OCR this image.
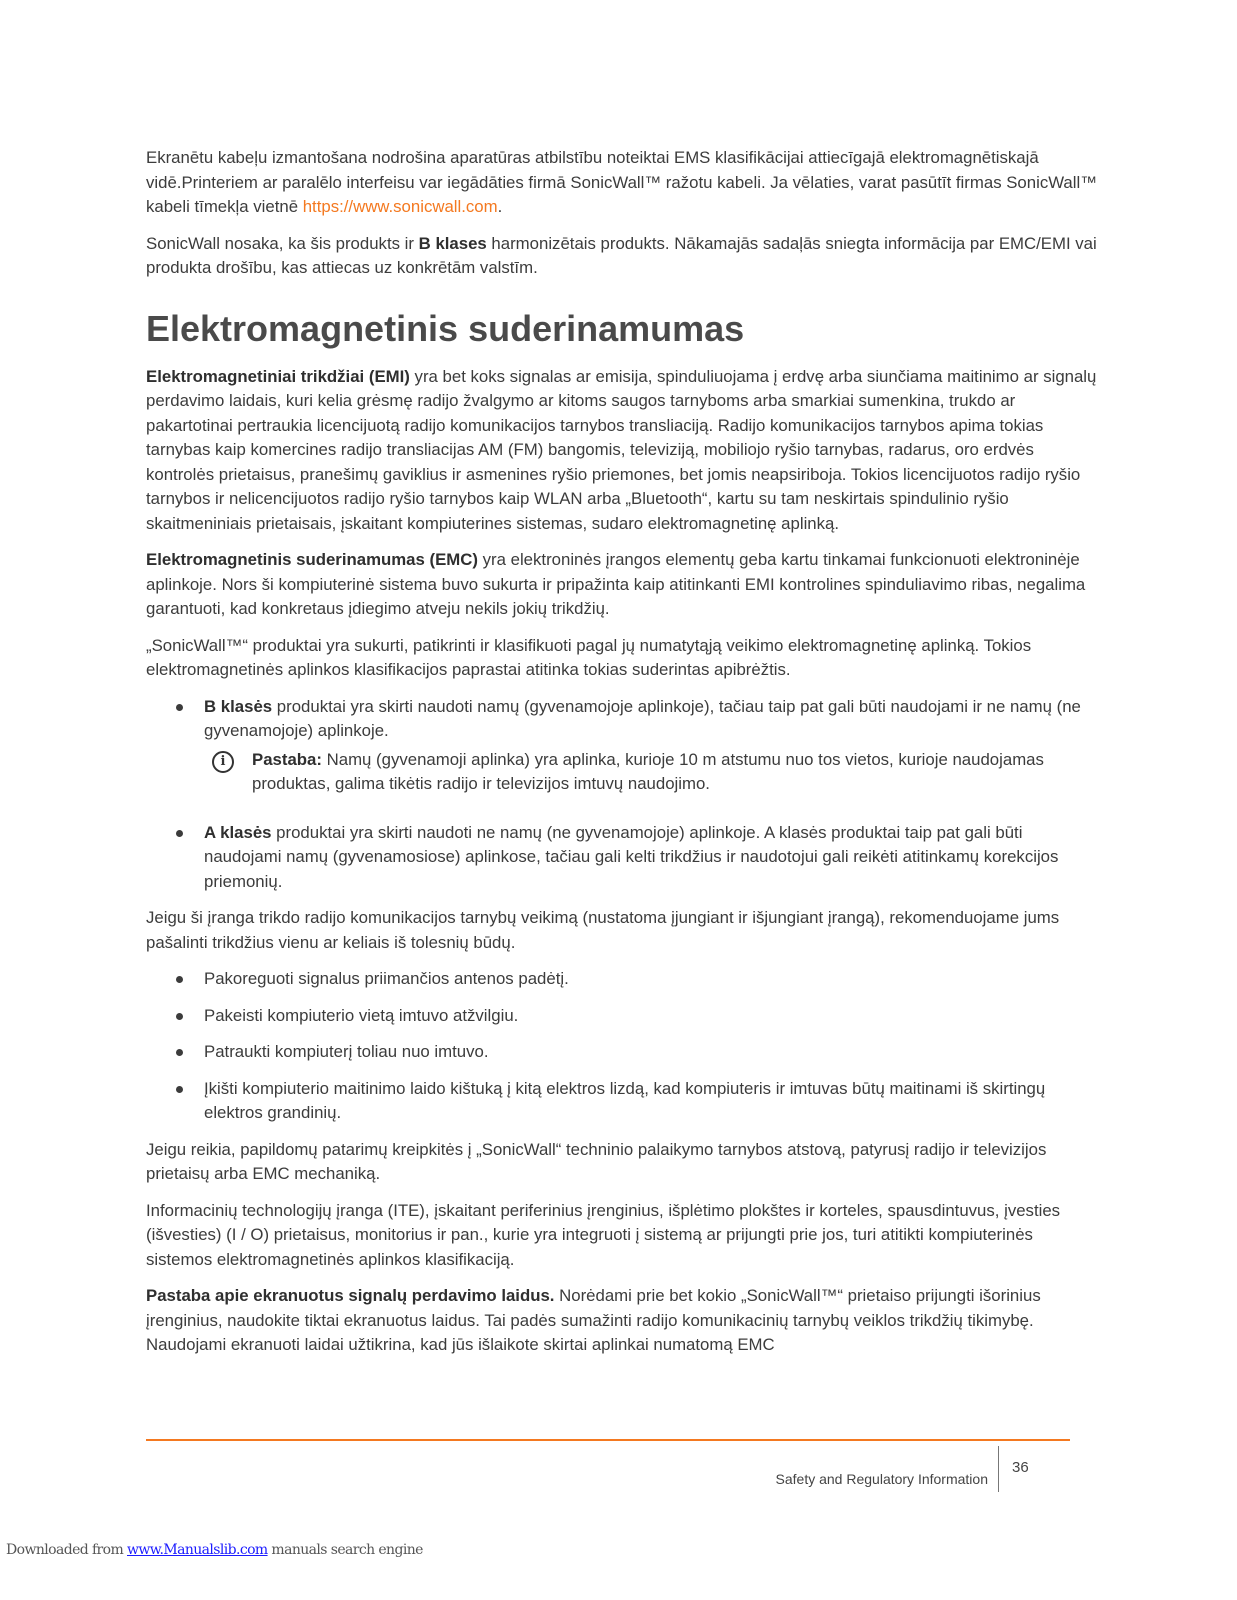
Ekranētu kabeļu izmantošana nodrošina aparatūras atbilstību noteiktai EMS klasifikācijai attiecīgajā elektromagnētiskajā vidē.Printeriem ar paralēlo interfeisu var iegādāties firmā SonicWall™ ražotu kabeli. Ja vēlaties, varat pasūtīt firmas SonicWall™ kabeli tīmekļa vietnē https://www.sonicwall.com.

SonicWall nosaka, ka šis produkts ir B klases harmonizētais produkts. Nākamajās sadaļās sniegta informācija par EMC/EMI vai produkta drošību, kas attiecas uz konkrētām valstīm.

Elektromagnetinis suderinamumas

Elektromagnetiniai trikdžiai (EMI) yra bet koks signalas ar emisija, spinduliuojama į erdvę arba siunčiama maitinimo ar signalų perdavimo laidais, kuri kelia grėsmę radijo žvalgymo ar kitoms saugos tarnyboms arba smarkiai sumenkina, trukdo ar pakartotinai pertraukia licencijuotą radijo komunikacijos tarnybos transliaciją. Radijo komunikacijos tarnybos apima tokias tarnybas kaip komercines radijo transliacijas AM (FM) bangomis, televiziją, mobiliojo ryšio tarnybas, radarus, oro erdvės kontrolės prietaisus, pranešimų gaviklius ir asmenines ryšio priemones, bet jomis neapsiriboja. Tokios licencijuotos radijo ryšio tarnybos ir nelicencijuotos radijo ryšio tarnybos kaip WLAN arba „Bluetooth“, kartu su tam neskirtais spindulinio ryšio skaitmeniniais prietaisais, įskaitant kompiuterines sistemas, sudaro elektromagnetinę aplinką.

Elektromagnetinis suderinamumas (EMC) yra elektroninės įrangos elementų geba kartu tinkamai funkcionuoti elektroninėje aplinkoje. Nors ši kompiuterinė sistema buvo sukurta ir pripažinta kaip atitinkanti EMI kontrolines spinduliavimo ribas, negalima garantuoti, kad konkretaus įdiegimo atveju nekils jokių trikdžių.

„SonicWall™“ produktai yra sukurti, patikrinti ir klasifikuoti pagal jų numatytąją veikimo elektromagnetinę aplinką. Tokios elektromagnetinės aplinkos klasifikacijos paprastai atitinka tokias suderintas apibrėžtis.

B klasės produktai yra skirti naudoti namų (gyvenamojoje aplinkoje), tačiau taip pat gali būti naudojami ir ne namų (ne gyvenamojoje) aplinkoje.
i	Pastaba: Namų (gyvenamoji aplinka) yra aplinka, kurioje 10 m atstumu nuo tos vietos, kurioje naudojamas produktas, galima tikėtis radijo ir televizijos imtuvų naudojimo.
A klasės produktai yra skirti naudoti ne namų (ne gyvenamojoje) aplinkoje. A klasės produktai taip pat gali būti naudojami namų (gyvenamosiose) aplinkose, tačiau gali kelti trikdžius ir naudotojui gali reikėti atitinkamų korekcijos priemonių.

Jeigu ši įranga trikdo radijo komunikacijos tarnybų veikimą (nustatoma įjungiant ir išjungiant įrangą), rekomenduojame jums pašalinti trikdžius vienu ar keliais iš tolesnių būdų.

Pakoreguoti signalus priimančios antenos padėtį.
Pakeisti kompiuterio vietą imtuvo atžvilgiu.
Patraukti kompiuterį toliau nuo imtuvo.
Įkišti kompiuterio maitinimo laido kištuką į kitą elektros lizdą, kad kompiuteris ir imtuvas būtų maitinami iš skirtingų elektros grandinių.

Jeigu reikia, papildomų patarimų kreipkitės į „SonicWall“ techninio palaikymo tarnybos atstovą, patyrusį radijo ir televizijos prietaisų arba EMC mechaniką.

Informacinių technologijų įranga (ITE), įskaitant periferinius įrenginius, išplėtimo plokštes ir korteles, spausdintuvus, įvesties (išvesties) (I / O) prietaisus, monitorius ir pan., kurie yra integruoti į sistemą ar prijungti prie jos, turi atitikti kompiuterinės sistemos elektromagnetinės aplinkos klasifikaciją.

Pastaba apie ekranuotus signalų perdavimo laidus. Norėdami prie bet kokio „SonicWall™“ prietaiso prijungti išorinius įrenginius, naudokite tiktai ekranuotus laidus. Tai padės sumažinti radijo komunikacinių tarnybų veiklos trikdžių tikimybę. Naudojami ekranuoti laidai užtikrina, kad jūs išlaikote skirtai aplinkai numatomą EMC

Safety and Regulatory Information
36
Downloaded from www.Manualslib.com manuals search engine
